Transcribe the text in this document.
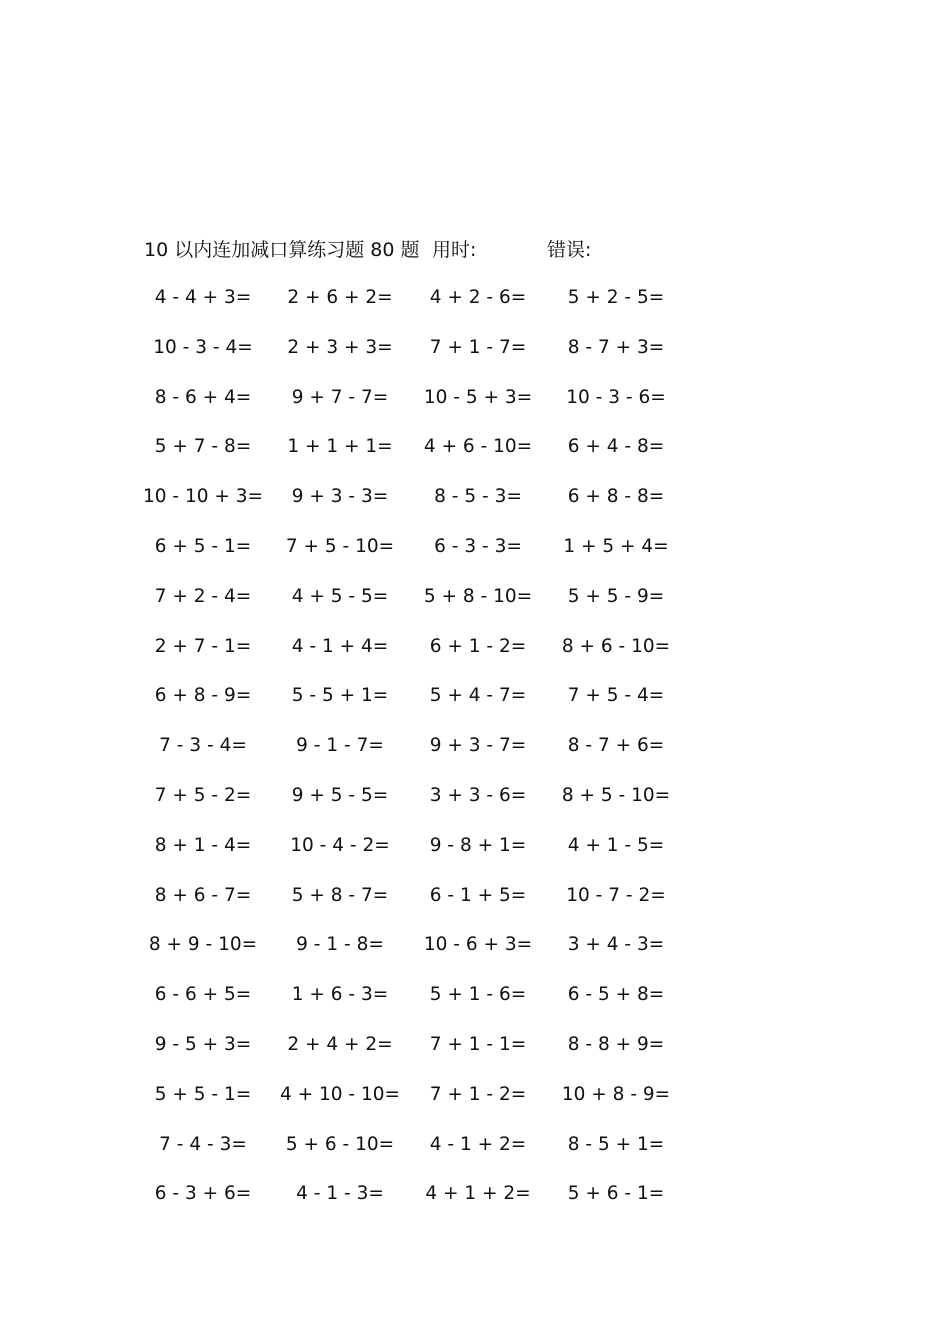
10 以内连加减口算练习题 80 题 用时:	错误:
4 - 4 + 3= 2 + 6 + 2= 4 + 2 - 6= 5 + 2 - 5=
10 - 3 - 4= 2 + 3 + 3= 7 + 1 - 7= 8 - 7 + 3=
8 - 6 + 4= 9 + 7 - 7= 10 - 5 + 3= 10 - 3 - 6=
5 + 7 - 8= 1 + 1 + 1= 4 + 6 - 10= 6 + 4 - 8=
10 - 10 + 3= 9 + 3 - 3= 8 - 5 - 3= 6 + 8 - 8=
6 + 5 - 1= 7 + 5 - 10= 6 - 3 - 3= 1 + 5 + 4=
7 + 2 - 4= 4 + 5 - 5= 5 + 8 - 10= 5 + 5 - 9=
2 + 7 - 1= 4 - 1 + 4= 6 + 1 - 2= 8 + 6 - 10=
6 + 8 - 9= 5 - 5 + 1= 5 + 4 - 7= 7 + 5 - 4=
7 - 3 - 4=	9 - 1 - 7= 9 + 3 - 7= 8 - 7 + 6=
7 + 5 - 2= 9 + 5 - 5= 3 + 3 - 6= 8 + 5 - 10=
8 + 1 - 4= 10 - 4 - 2= 9 - 8 + 1= 4 + 1 - 5=
8 + 6 - 7= 5 + 8 - 7= 6 - 1 + 5= 10 - 7 - 2=
8 + 9 - 10= 9 - 1 - 8= 10 - 6 + 3= 3 + 4 - 3=
6 - 6 + 5= 1 + 6 - 3= 5 + 1 - 6= 6 - 5 + 8=
9 - 5 + 3= 2 + 4 + 2= 7 + 1 - 1= 8 - 8 + 9=
5 + 5 - 1= 4 + 10 - 10= 7 + 1 - 2= 10 + 8 - 9=
7 - 4 - 3= 5 + 6 - 10= 4 - 1 + 2= 8 - 5 + 1=
6 - 3 + 6= 4 - 1 - 3= 4 + 1 + 2= 5 + 6 - 1=
